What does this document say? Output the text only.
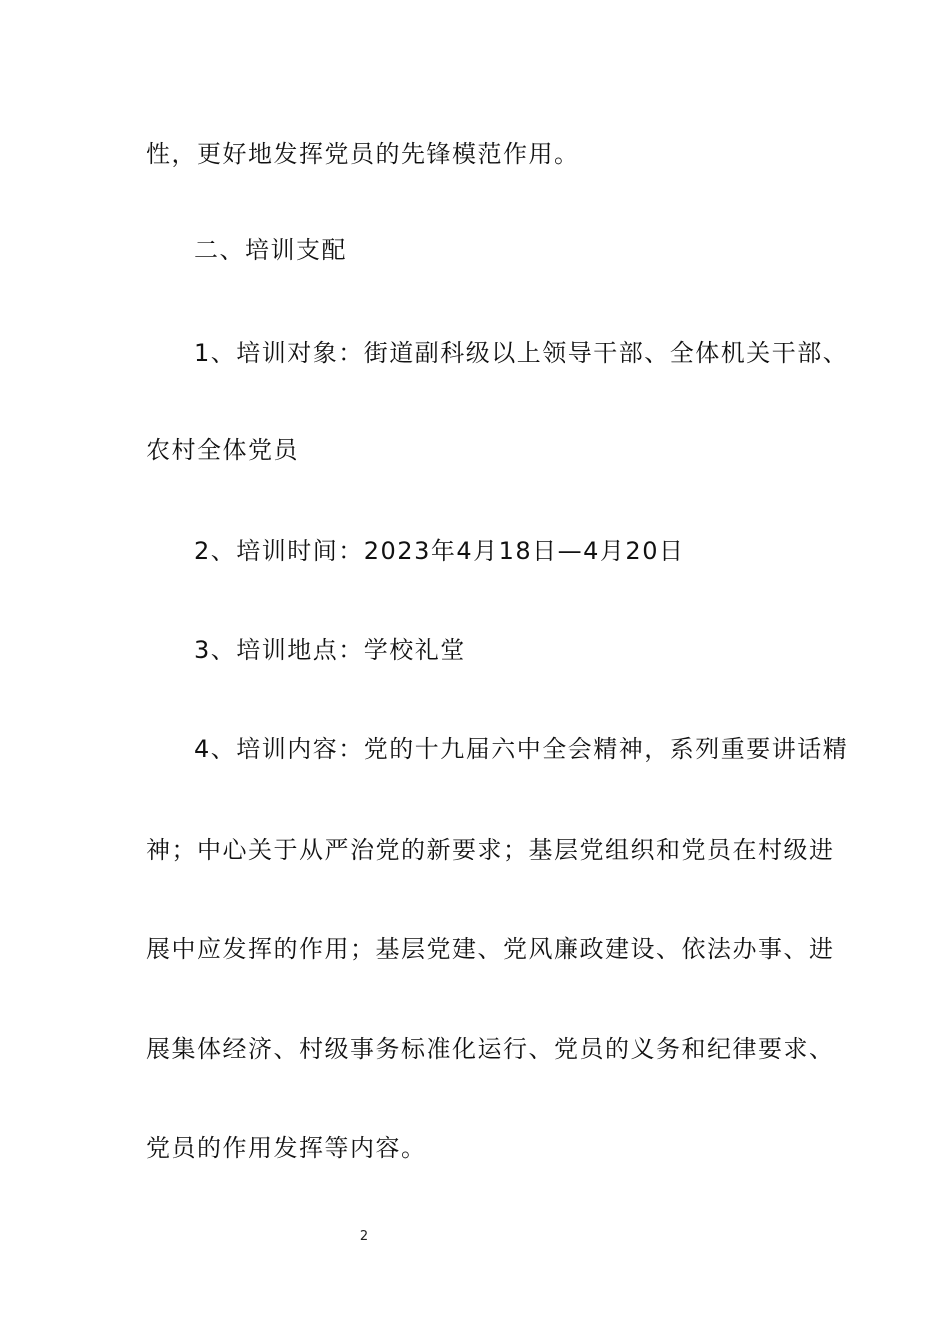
性，更好地发挥党员的先锋模范作用。
二、培训支配
1、培训对象：街道副科级以上领导干部、全体机关干部、
农村全体党员
2、培训时间：2023年4月18日—4月20日
3、培训地点：学校礼堂
4、培训内容：党的十九届六中全会精神，系列重要讲话精
神；中心关于从严治党的新要求；基层党组织和党员在村级进
展中应发挥的作用；基层党建、党风廉政建设、依法办事、进
展集体经济、村级事务标准化运行、党员的义务和纪律要求、
党员的作用发挥等内容。
2
